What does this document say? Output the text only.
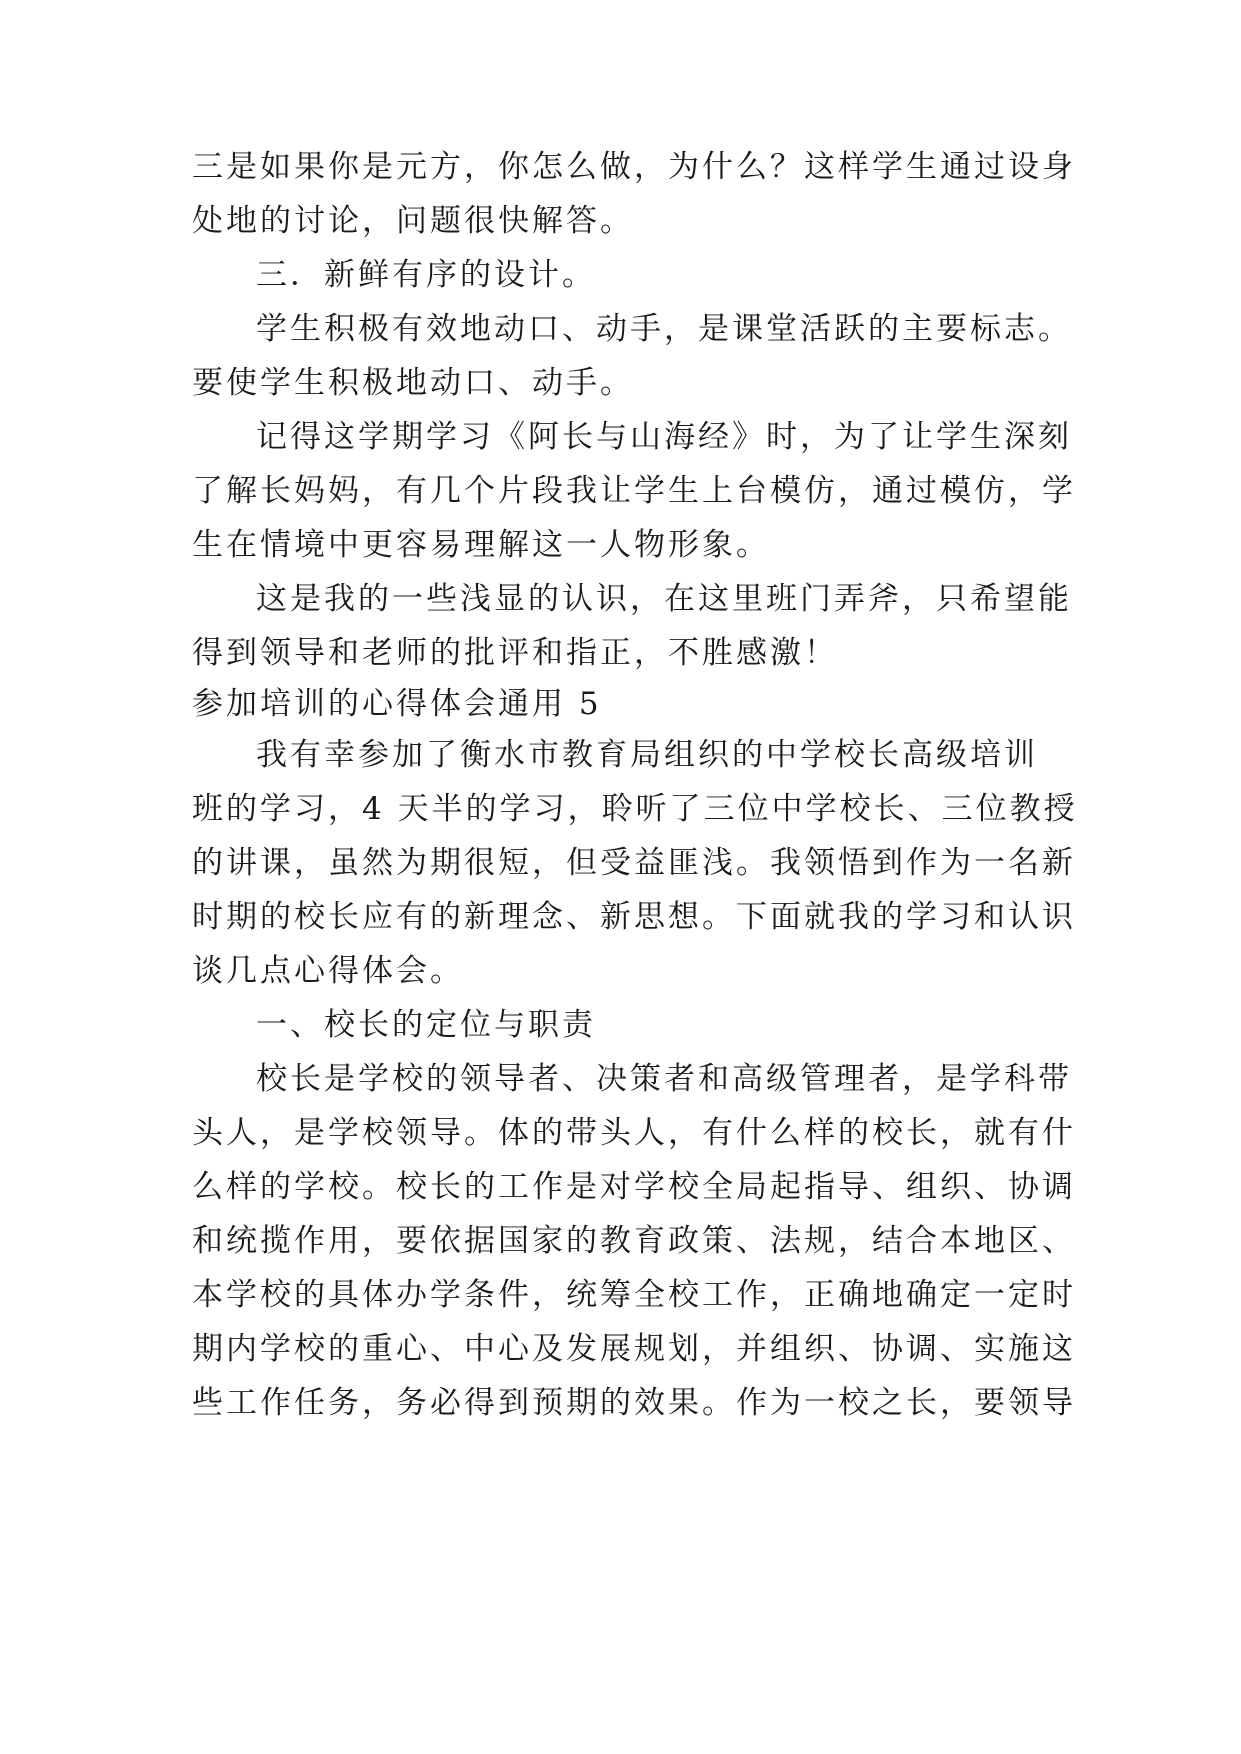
三是如果你是元方，你怎么做，为什么？这样学生通过设身
处地的讨论，问题很快解答。
三．新鲜有序的设计。
学生积极有效地动口、动手，是课堂活跃的主要标志。
要使学生积极地动口、动手。
记得这学期学习《阿长与山海经》时，为了让学生深刻
了解长妈妈，有几个片段我让学生上台模仿，通过模仿，学
生在情境中更容易理解这一人物形象。
这是我的一些浅显的认识，在这里班门弄斧，只希望能
得到领导和老师的批评和指正，不胜感激！
参加培训的心得体会通用 5
我有幸参加了衡水市教育局组织的中学校长高级培训
班的学习，4 天半的学习，聆听了三位中学校长、三位教授
的讲课，虽然为期很短，但受益匪浅。我领悟到作为一名新
时期的校长应有的新理念、新思想。下面就我的学习和认识
谈几点心得体会。
一、校长的定位与职责
校长是学校的领导者、决策者和高级管理者，是学科带
头人，是学校领导。体的带头人，有什么样的校长，就有什
么样的学校。校长的工作是对学校全局起指导、组织、协调
和统揽作用，要依据国家的教育政策、法规，结合本地区、
本学校的具体办学条件，统筹全校工作，正确地确定一定时
期内学校的重心、中心及发展规划，并组织、协调、实施这
些工作任务，务必得到预期的效果。作为一校之长，要领导
